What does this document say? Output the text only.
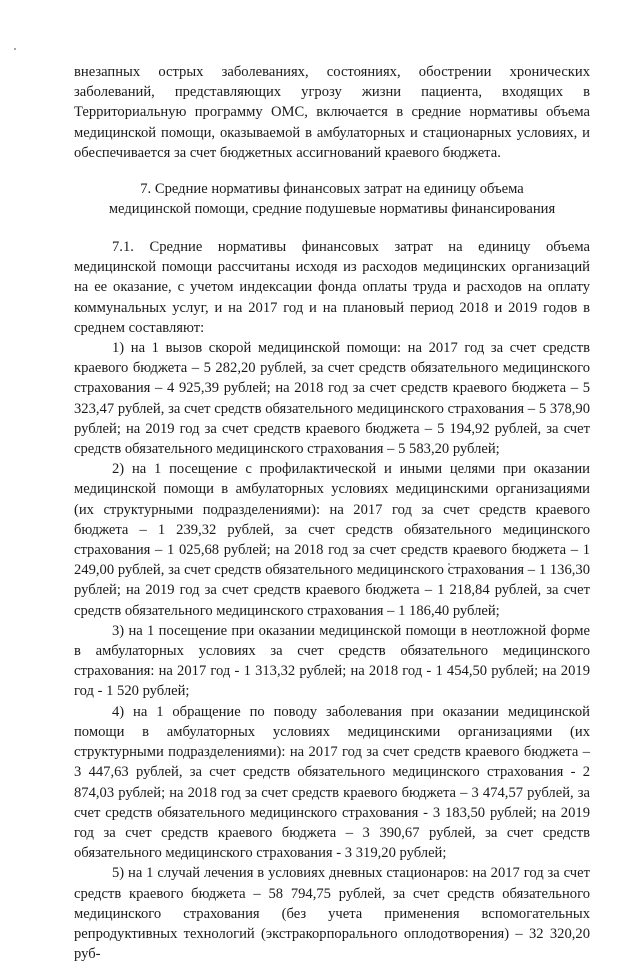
внезапных острых заболеваниях, состояниях, обострении хронических заболеваний, представляющих угрозу жизни пациента, входящих в Территориальную программу ОМС, включается в средние нормативы объема медицинской помощи, оказываемой в амбулаторных и стационарных условиях, и обеспечивается за счет бюджетных ассигнований краевого бюджета.

7. Средние нормативы финансовых затрат на единицу объема
медицинской помощи, средние подушевые нормативы финансирования

7.1. Средние нормативы финансовых затрат на единицу объема медицинской помощи рассчитаны исходя из расходов медицинских организаций на ее оказание, с учетом индексации фонда оплаты труда и расходов на оплату коммунальных услуг, и на 2017 год и на плановый период 2018 и 2019 годов в среднем составляют:

1) на 1 вызов скорой медицинской помощи: на 2017 год за счет средств краевого бюджета – 5 282,20 рублей, за счет средств обязательного медицинского страхования – 4 925,39 рублей; на 2018 год за счет средств краевого бюджета – 5 323,47 рублей, за счет средств обязательного медицинского страхования – 5 378,90 рублей; на 2019 год за счет средств краевого бюджета – 5 194,92 рублей, за счет средств обязательного медицинского страхования – 5 583,20 рублей;

2) на 1 посещение с профилактической и иными целями при оказании медицинской помощи в амбулаторных условиях медицинскими организациями (их структурными подразделениями): на 2017 год за счет средств краевого бюджета – 1 239,32 рублей, за счет средств обязательного медицинского страхования – 1 025,68 рублей; на 2018 год за счет средств краевого бюджета – 1 249,00 рублей, за счет средств обязательного медицинского страхования – 1 136,30 рублей; на 2019 год за счет средств краевого бюджета – 1 218,84 рублей, за счет средств обязательного медицинского страхования – 1 186,40 рублей;

3) на 1 посещение при оказании медицинской помощи в неотложной форме в амбулаторных условиях за счет средств обязательного медицинского страхования: на 2017 год - 1 313,32 рублей; на 2018 год - 1 454,50 рублей; на 2019 год - 1 520 рублей;

4) на 1 обращение по поводу заболевания при оказании медицинской помощи в амбулаторных условиях медицинскими организациями (их структурными подразделениями): на 2017 год за счет средств краевого бюджета – 3 447,63 рублей, за счет средств обязательного медицинского страхования - 2 874,03 рублей; на 2018 год за счет средств краевого бюджета – 3 474,57 рублей, за счет средств обязательного медицинского страхования - 3 183,50 рублей; на 2019 год за счет средств краевого бюджета – 3 390,67 рублей, за счет средств обязательного медицинского страхования - 3 319,20 рублей;

5) на 1 случай лечения в условиях дневных стационаров: на 2017 год за счет средств краевого бюджета – 58 794,75 рублей, за счет средств обязательного медицинского страхования (без учета применения вспомогательных репродуктивных технологий (экстракорпорального оплодотворения) – 32 320,20 руб-
